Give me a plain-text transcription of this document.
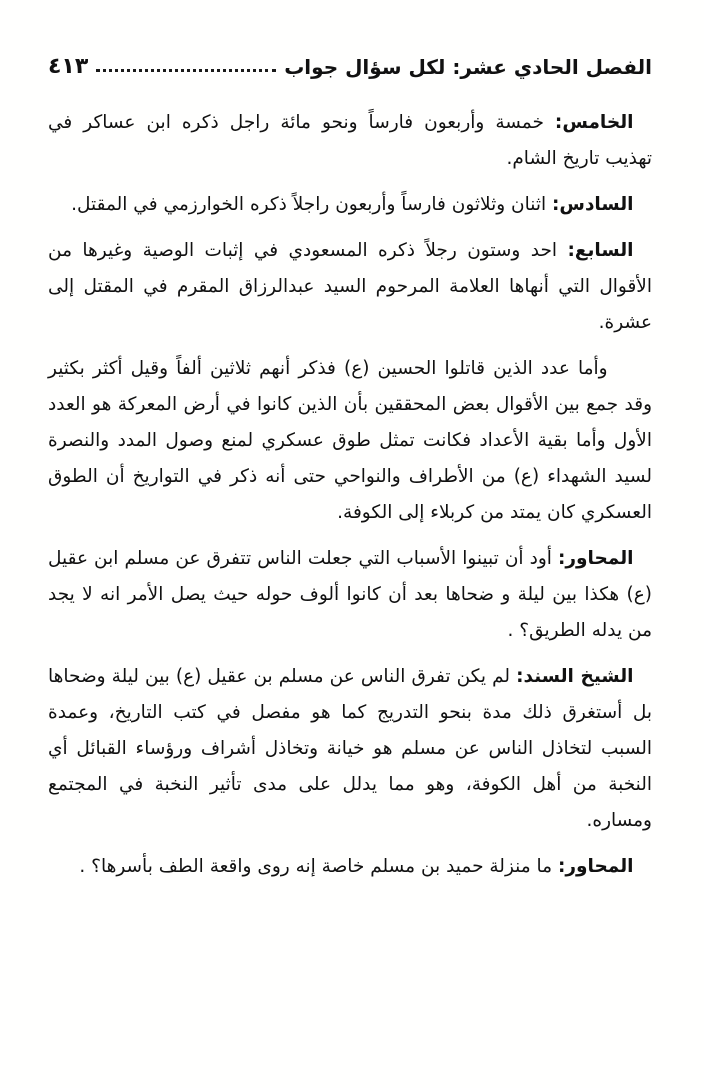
الفصل الحادي عشر: لكل سؤال جواب
٤١٣

الخامس: خمسة وأربعون فارساً ونحو مائة راجل ذكره ابن عساكر في تهذيب تاريخ الشام.

السادس: اثنان وثلاثون فارساً وأربعون راجلاً ذكره الخوارزمي في المقتل.

السابع: احد وستون رجلاً ذكره المسعودي في إثبات الوصية وغيرها من الأقوال التي أنهاها العلامة المرحوم السيد عبدالرزاق المقرم في المقتل إلى عشرة.

وأما عدد الذين قاتلوا الحسين (ع) فذكر أنهم ثلاثين ألفاً وقيل أكثر بكثير وقد جمع بين الأقوال بعض المحققين بأن الذين كانوا في أرض المعركة هو العدد الأول وأما بقية الأعداد فكانت تمثل طوق عسكري لمنع وصول المدد والنصرة لسيد الشهداء (ع) من الأطراف والنواحي حتى أنه ذكر في التواريخ أن الطوق العسكري كان يمتد من كربلاء إلى الكوفة.

المحاور: أود أن تبينوا الأسباب التي جعلت الناس تتفرق عن مسلم ابن عقيل (ع) هكذا بين ليلة و ضحاها بعد أن كانوا ألوف حوله حيث يصل الأمر انه لا يجد من يدله الطريق؟ .

الشيخ السند: لم يكن تفرق الناس عن مسلم بن عقيل (ع) بين ليلة وضحاها بل أستغرق ذلك مدة بنحو التدريج كما هو مفصل في كتب التاريخ، وعمدة السبب لتخاذل الناس عن مسلم هو خيانة وتخاذل أشراف ورؤساء القبائل أي النخبة من أهل الكوفة، وهو مما يدلل على مدى تأثير النخبة في المجتمع ومساره.

المحاور: ما منزلة حميد بن مسلم خاصة إنه روى واقعة الطف بأسرها؟ .
